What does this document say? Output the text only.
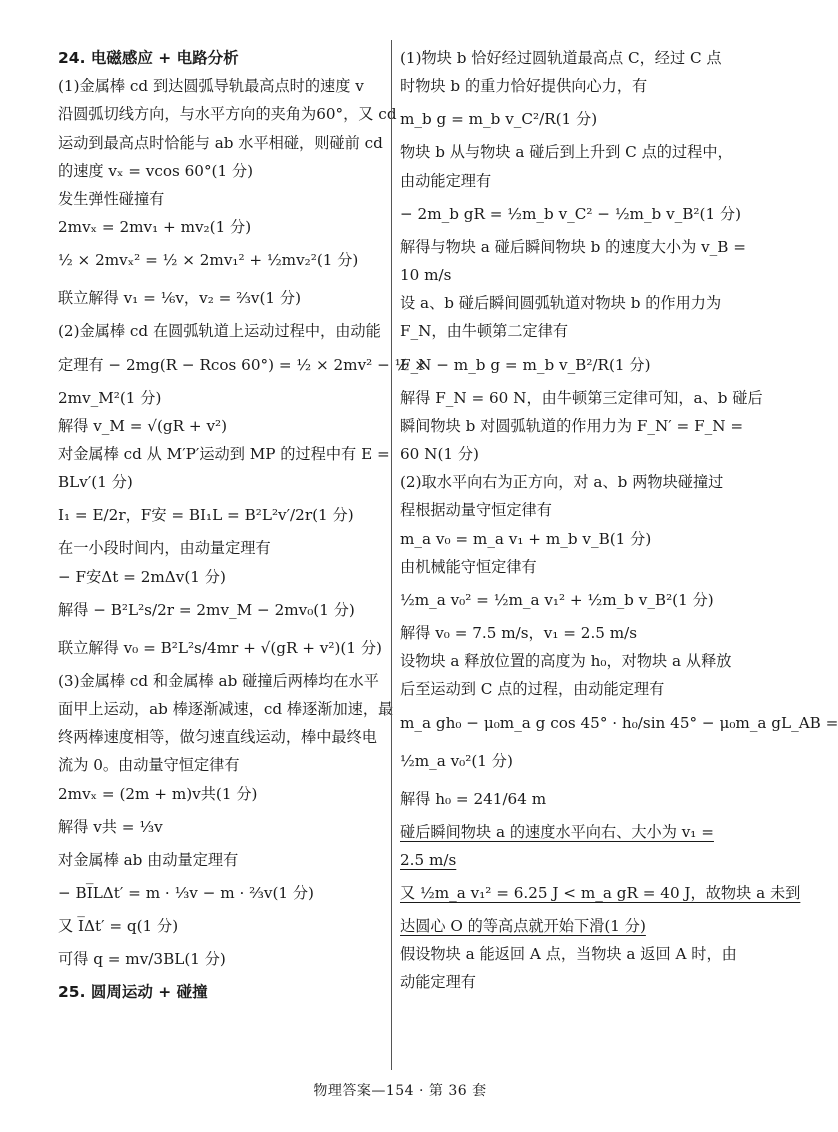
24. 电磁感应 + 电路分析
(1)金属棒 cd 到达圆弧导轨最高点时的速度 v
沿圆弧切线方向，与水平方向的夹角为60°，又 cd
运动到最高点时恰能与 ab 水平相碰，则碰前 cd
的速度 vₓ = vcos 60°(1 分)
发生弹性碰撞有
2mvₓ = 2mv₁ + mv₂(1 分)
½ × 2mvₓ² = ½ × 2mv₁² + ½mv₂²(1 分)
联立解得 v₁ = ⅙v，v₂ = ⅔v(1 分)
(2)金属棒 cd 在圆弧轨道上运动过程中，由动能
定理有 − 2mg(R − Rcos 60°) = ½ × 2mv² − ½ ×
2mv_M²(1 分)
解得 v_M = √(gR + v²)
对金属棒 cd 从 M′P′运动到 MP 的过程中有 E =
BLv′(1 分)
I₁ = E/2r，F安 = BI₁L = B²L²v′/2r(1 分)
在一小段时间内，由动量定理有
− F安Δt = 2mΔv(1 分)
解得 − B²L²s/2r = 2mv_M − 2mv₀(1 分)
联立解得 v₀ = B²L²s/4mr + √(gR + v²)(1 分)
(3)金属棒 cd 和金属棒 ab 碰撞后两棒均在水平
面甲上运动，ab 棒逐渐减速，cd 棒逐渐加速，最
终两棒速度相等，做匀速直线运动，棒中最终电
流为 0。由动量守恒定律有
2mvₓ = (2m + m)v共(1 分)
解得 v共 = ⅓v
对金属棒 ab 由动量定理有
− BI̅LΔt′ = m · ⅓v − m · ⅔v(1 分)
又 I̅Δt′ = q(1 分)
可得 q = mv/3BL(1 分)
25. 圆周运动 + 碰撞
(1)物块 b 恰好经过圆轨道最高点 C，经过 C 点
时物块 b 的重力恰好提供向心力，有
m_b g = m_b v_C²/R(1 分)
物块 b 从与物块 a 碰后到上升到 C 点的过程中，
由动能定理有
− 2m_b gR = ½m_b v_C² − ½m_b v_B²(1 分)
解得与物块 a 碰后瞬间物块 b 的速度大小为 v_B =
10 m/s
设 a、b 碰后瞬间圆弧轨道对物块 b 的作用力为
F_N，由牛顿第二定律有
F_N − m_b g = m_b v_B²/R(1 分)
解得 F_N = 60 N，由牛顿第三定律可知，a、b 碰后
瞬间物块 b 对圆弧轨道的作用力为 F_N′ = F_N =
60 N(1 分)
(2)取水平向右为正方向，对 a、b 两物块碰撞过
程根据动量守恒定律有
m_a v₀ = m_a v₁ + m_b v_B(1 分)
由机械能守恒定律有
½m_a v₀² = ½m_a v₁² + ½m_b v_B²(1 分)
解得 v₀ = 7.5 m/s，v₁ = 2.5 m/s
设物块 a 释放位置的高度为 h₀，对物块 a 从释放
后至运动到 C 点的过程，由动能定理有
m_a gh₀ − μ₀m_a g cos 45° · h₀/sin 45° − μ₀m_a gL_AB =
½m_a v₀²(1 分)
解得 h₀ = 241/64 m
碰后瞬间物块 a 的速度水平向右、大小为 v₁ =
2.5 m/s
又 ½m_a v₁² = 6.25 J < m_a gR = 40 J，故物块 a 未到
达圆心 O 的等高点就开始下滑(1 分)
假设物块 a 能返回 A 点，当物块 a 返回 A 时，由
动能定理有
物理答案—154 · 第 36 套
